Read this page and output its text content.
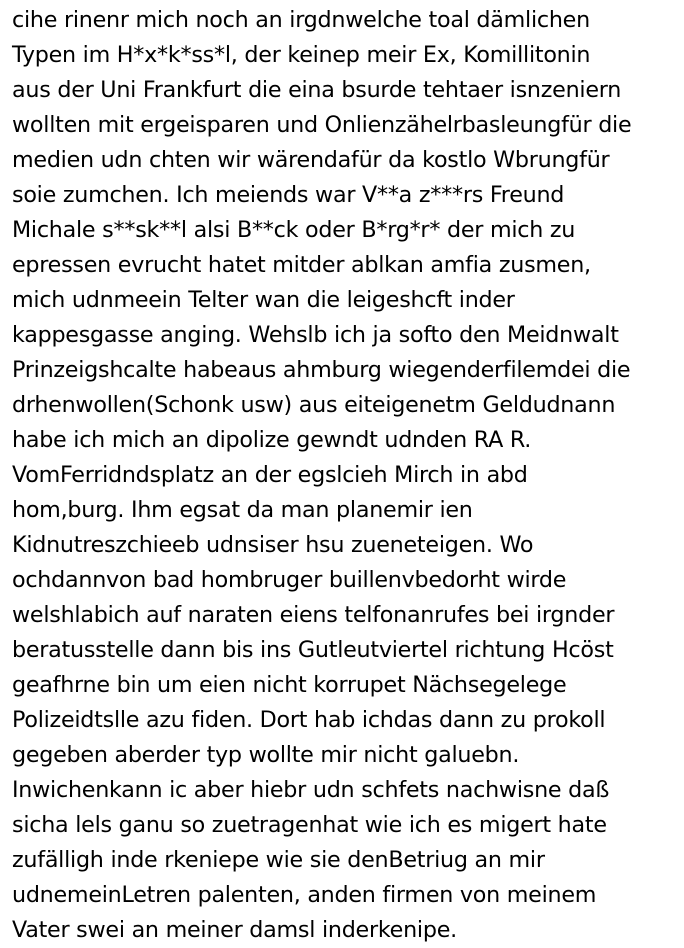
cihe rinenr mich noch an irgdnwelche toal dämlichen
Typen im H*x*k*ss*l, der keinep meir Ex, Komillitonin
aus der Uni Frankfurt die eina bsurde tehtaer isnzeniern
wollten mit ergeisparen und Onlienzähelrbasleungfür die
medien udn chten wir wärendafür da kostlo Wbrungfür
soie zumchen. Ich meiends war V**a z***rs Freund
Michale s**sk**l alsi B**ck oder B*rg*r* der mich zu
epressen evrucht hatet mitder ablkan amfia zusmen,
mich udnmeein Telter wan die leigeshcft inder
kappesgasse anging. Wehslb ich ja softo den Meidnwalt
Prinzeigshcalte habeaus ahmburg wiegenderfilemdei die
drhenwollen(Schonk usw) aus eiteigenetm Geldudnann
habe ich mich an dipolize gewndt udnden RA R.
VomFerridndsplatz an der egslcieh Mirch in abd
hom,burg. Ihm egsat da man planemir ien
Kidnutreszchieeb udnsiser hsu zueneteigen. Wo
ochdannvon bad hombruger buillenvbedorht wirde
welshlabich auf naraten eiens telfonanrufes bei irgnder
beratusstelle dann bis ins Gutleutviertel richtung Hcöst
geafhrne bin um eien nicht korrupet Nächsegelege
Polizeidtslle azu fiden. Dort hab ichdas dann zu prokoll
gegeben aberder typ wollte mir nicht galuebn.
Inwichenkann ic aber hiebr udn schfets nachwisne daß
sicha lels ganu so zuetragenhat wie ich es migert hate
zufälligh inde rkeniepe wie sie denBetriug an mir
udnemeinLetren palenten, anden firmen von meinem
Vater swei an meiner damsl inderkenipe.
